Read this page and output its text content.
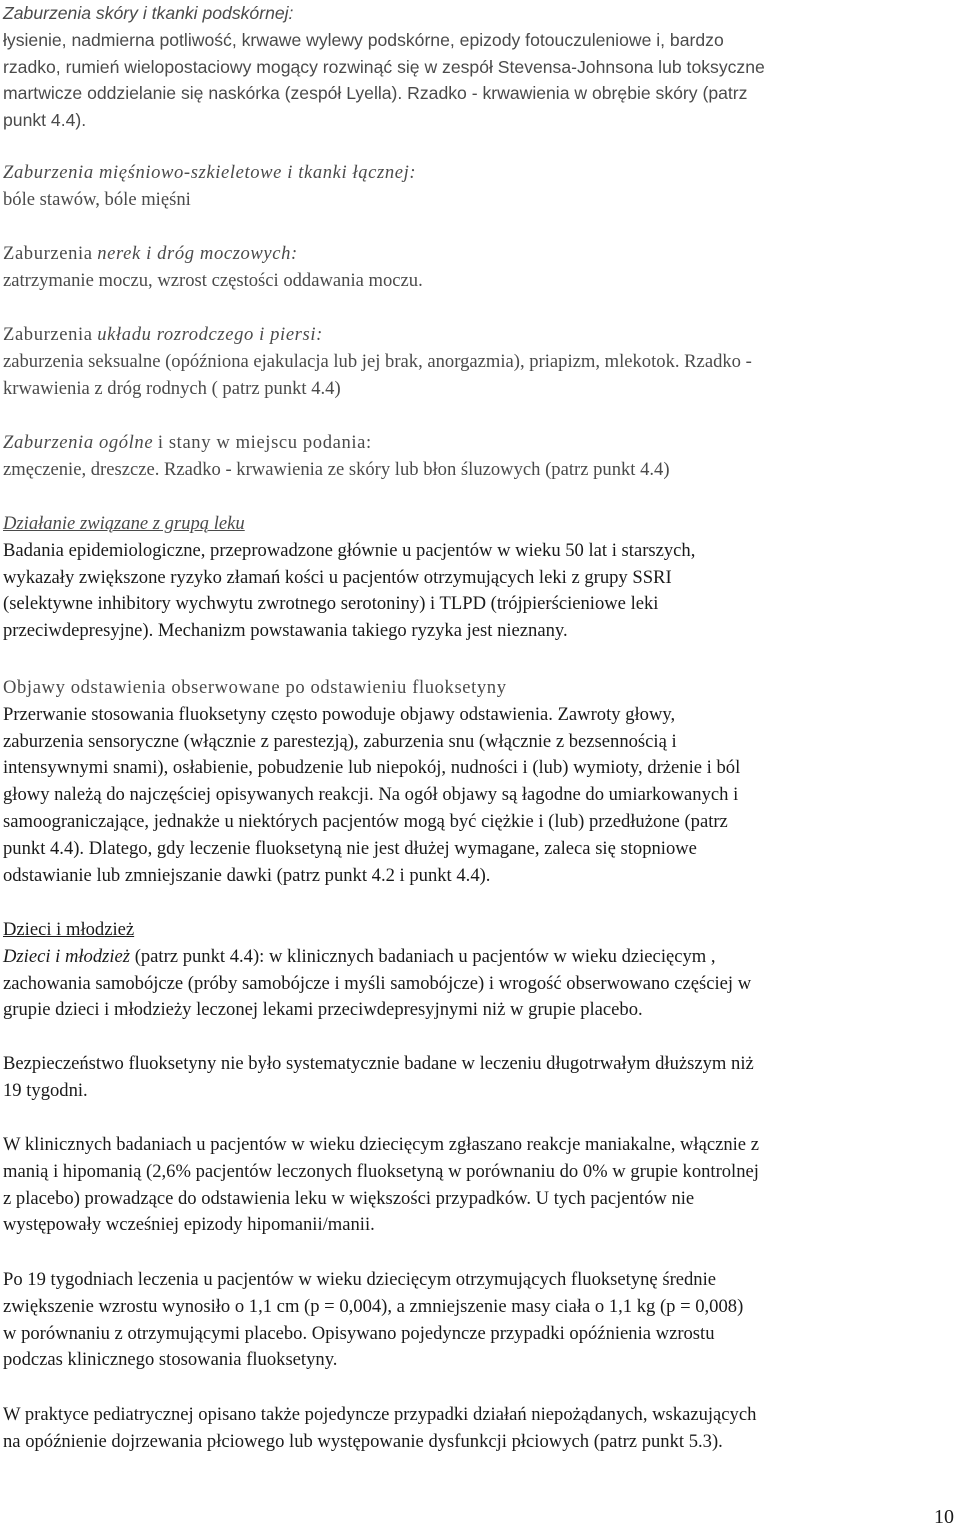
Zaburzenia skóry i tkanki podskórnej:
łysienie, nadmierna potliwość, krwawe wylewy podskórne, epizody fotouczuleniowe i, bardzo
rzadko, rumień wielopostaciowy mogący rozwinąć się w zespół Stevensa-Johnsona lub toksyczne
martwicze oddzielanie się naskórka (zespół Lyella). Rzadko - krwawienia w obrębie skóry (patrz
punkt 4.4).

Zaburzenia mięśniowo-szkieletowe i tkanki łącznej:
bóle stawów, bóle mięśni

Zaburzenia nerek i dróg moczowych:
zatrzymanie moczu, wzrost częstości oddawania moczu.

Zaburzenia układu rozrodczego i piersi:
zaburzenia seksualne (opóźniona ejakulacja lub jej brak, anorgazmia), priapizm, mlekotok. Rzadko -
krwawienia z dróg rodnych ( patrz punkt 4.4)

Zaburzenia ogólne i stany w miejscu podania:
zmęczenie, dreszcze. Rzadko - krwawienia ze skóry lub błon śluzowych (patrz punkt 4.4)

Działanie związane z grupą leku
Badania epidemiologiczne, przeprowadzone głównie u pacjentów w wieku 50 lat i starszych,
wykazały zwiększone ryzyko złamań kości u pacjentów otrzymujących leki z grupy SSRI
(selektywne inhibitory wychwytu zwrotnego serotoniny) i TLPD (trójpierścieniowe leki
przeciwdepresyjne). Mechanizm powstawania takiego ryzyka jest nieznany.

Objawy odstawienia obserwowane po odstawieniu fluoksetyny
Przerwanie stosowania fluoksetyny często powoduje objawy odstawienia. Zawroty głowy,
zaburzenia sensoryczne (włącznie z parestezją), zaburzenia snu (włącznie z bezsennością i
intensywnymi snami), osłabienie, pobudzenie lub niepokój, nudności i (lub) wymioty, drżenie i ból
głowy należą do najczęściej opisywanych reakcji. Na ogół objawy są łagodne do umiarkowanych i
samoograniczające, jednakże u niektórych pacjentów mogą być ciężkie i (lub) przedłużone (patrz
punkt 4.4). Dlatego, gdy leczenie fluoksetyną nie jest dłużej wymagane, zaleca się stopniowe
odstawianie lub zmniejszanie dawki (patrz punkt 4.2 i punkt 4.4).

Dzieci i młodzież
Dzieci i młodzież (patrz punkt 4.4): w klinicznych badaniach u pacjentów w wieku dziecięcym ,
zachowania samobójcze (próby samobójcze i myśli samobójcze) i wrogość obserwowano częściej w
grupie dzieci i młodzieży leczonej lekami przeciwdepresyjnymi niż w grupie placebo.

Bezpieczeństwo fluoksetyny nie było systematycznie badane w leczeniu długotrwałym dłuższym niż
19 tygodni.

W klinicznych badaniach u pacjentów w wieku dziecięcym zgłaszano reakcje maniakalne, włącznie z
manią i hipomanią (2,6% pacjentów leczonych fluoksetyną w porównaniu do 0% w grupie kontrolnej
z placebo) prowadzące do odstawienia leku w większości przypadków. U tych pacjentów nie
występowały wcześniej epizody hipomanii/manii.

Po 19 tygodniach leczenia u pacjentów w wieku dziecięcym otrzymujących fluoksetynę średnie
zwiększenie wzrostu wynosiło o 1,1 cm (p = 0,004), a zmniejszenie masy ciała o 1,1 kg (p = 0,008)
w porównaniu z otrzymującymi placebo. Opisywano pojedyncze przypadki opóźnienia wzrostu
podczas klinicznego stosowania fluoksetyny.

W praktyce pediatrycznej opisano także pojedyncze przypadki działań niepożądanych, wskazujących
na opóźnienie dojrzewania płciowego lub występowanie dysfunkcji płciowych (patrz punkt 5.3).

10
